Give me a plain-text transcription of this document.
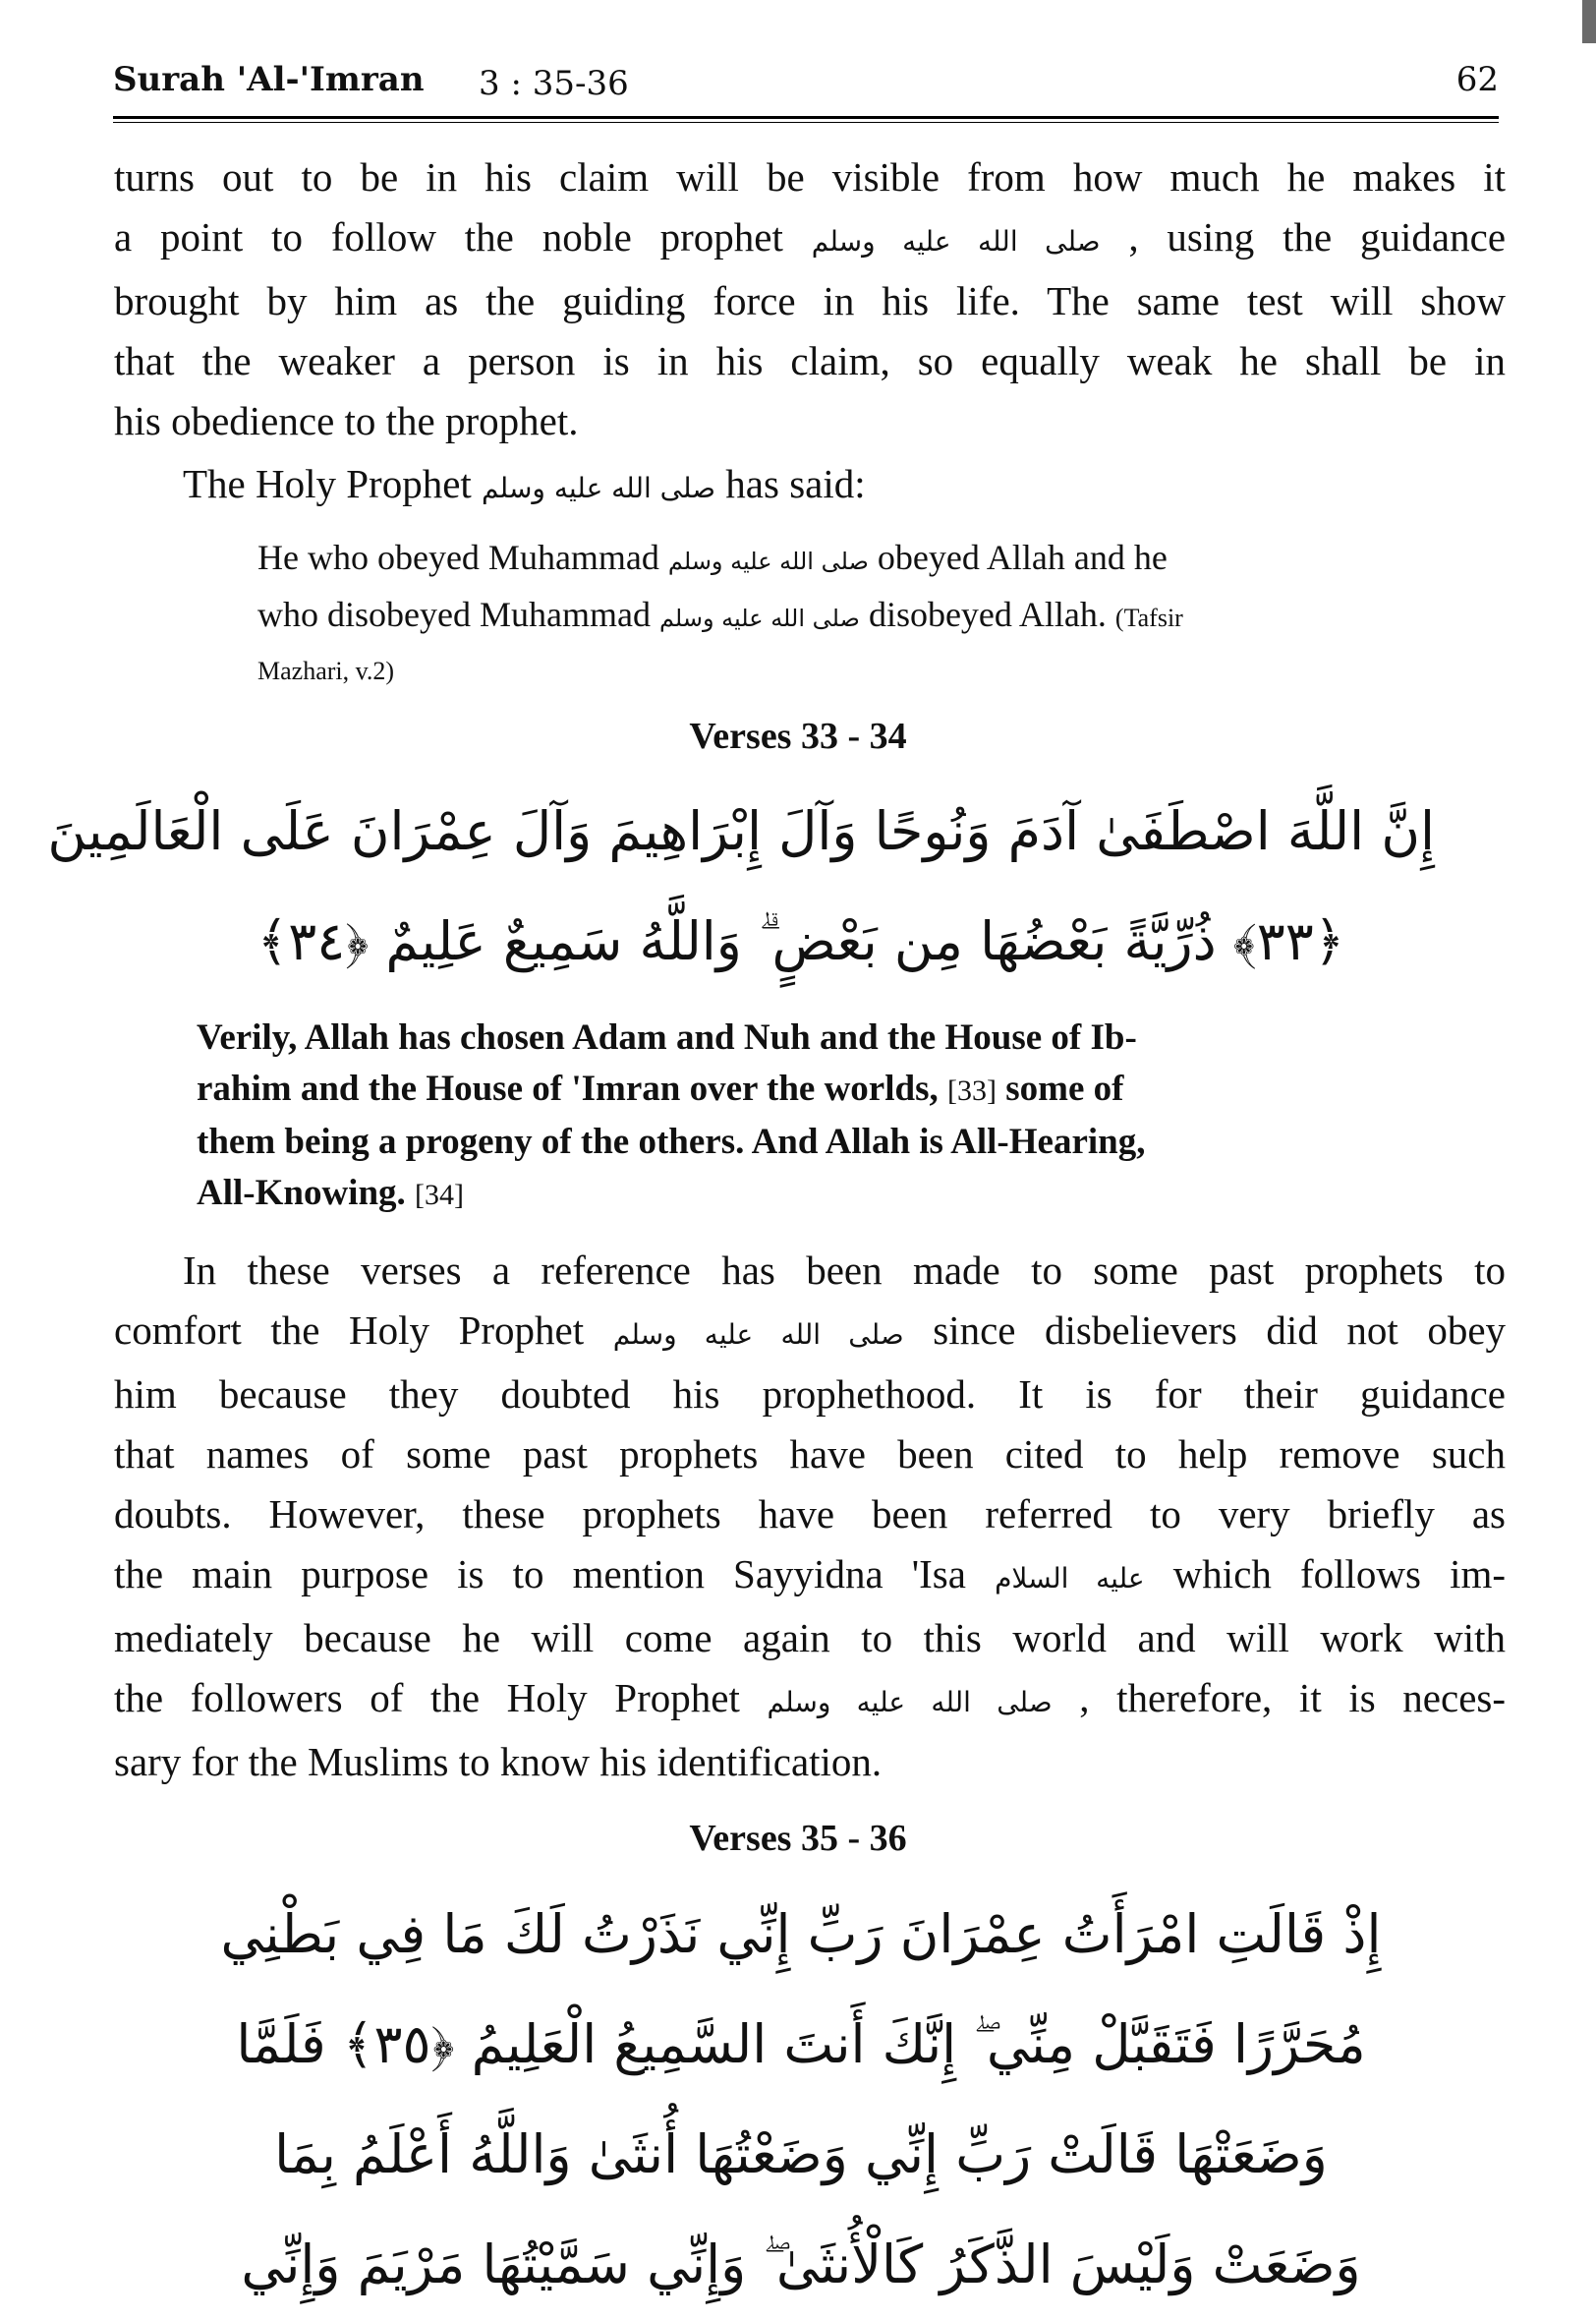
Surah 'Al-'Imran 3 : 35-36	62
turns out to be in his claim will be visible from how much he makes it
a point to follow the noble prophet صلى الله عليه وسلم , using the guidance
brought by him as the guiding force in his life. The same test will show
that the weaker a person is in his claim, so equally weak he shall be in
his obedience to the prophet.
The Holy Prophet صلى الله عليه وسلم has said:
He who obeyed Muhammad صلى الله عليه وسلم obeyed Allah and he
who disobeyed Muhammad صلى الله عليه وسلم disobeyed Allah. (Tafsir
Mazhari, v.2)
Verses 33 - 34
إِنَّ اللَّهَ اصْطَفَىٰ آدَمَ وَنُوحًا وَآلَ إِبْرَاهِيمَ وَآلَ عِمْرَانَ عَلَى الْعَالَمِينَ
﴿٣٣﴾ ذُرِّيَّةً بَعْضُهَا مِن بَعْضٍ ۗ وَاللَّهُ سَمِيعٌ عَلِيمٌ ﴿٣٤﴾
Verily, Allah has chosen Adam and Nuh and the House of Ib-
rahim and the House of 'Imran over the worlds, [33] some of
them being a progeny of the others. And Allah is All-Hearing,
All-Knowing. [34]
In these verses a reference has been made to some past prophets to
comfort the Holy Prophet صلى الله عليه وسلم since disbelievers did not obey
him because they doubted his prophethood. It is for their guidance
that names of some past prophets have been cited to help remove such
doubts. However, these prophets have been referred to very briefly as
the main purpose is to mention Sayyidna 'Isa عليه السلام which follows im-
mediately because he will come again to this world and will work with
the followers of the Holy Prophet صلى الله عليه وسلم , therefore, it is neces-
sary for the Muslims to know his identification.
Verses 35 - 36
إِذْ قَالَتِ امْرَأَتُ عِمْرَانَ رَبِّ إِنِّي نَذَرْتُ لَكَ مَا فِي بَطْنِي
مُحَرَّرًا فَتَقَبَّلْ مِنِّي ۖ إِنَّكَ أَنتَ السَّمِيعُ الْعَلِيمُ ﴿٣٥﴾ فَلَمَّا
وَضَعَتْهَا قَالَتْ رَبِّ إِنِّي وَضَعْتُهَا أُنثَىٰ وَاللَّهُ أَعْلَمُ بِمَا
وَضَعَتْ وَلَيْسَ الذَّكَرُ كَالْأُنثَىٰ ۖ وَإِنِّي سَمَّيْتُهَا مَرْيَمَ وَإِنِّي
